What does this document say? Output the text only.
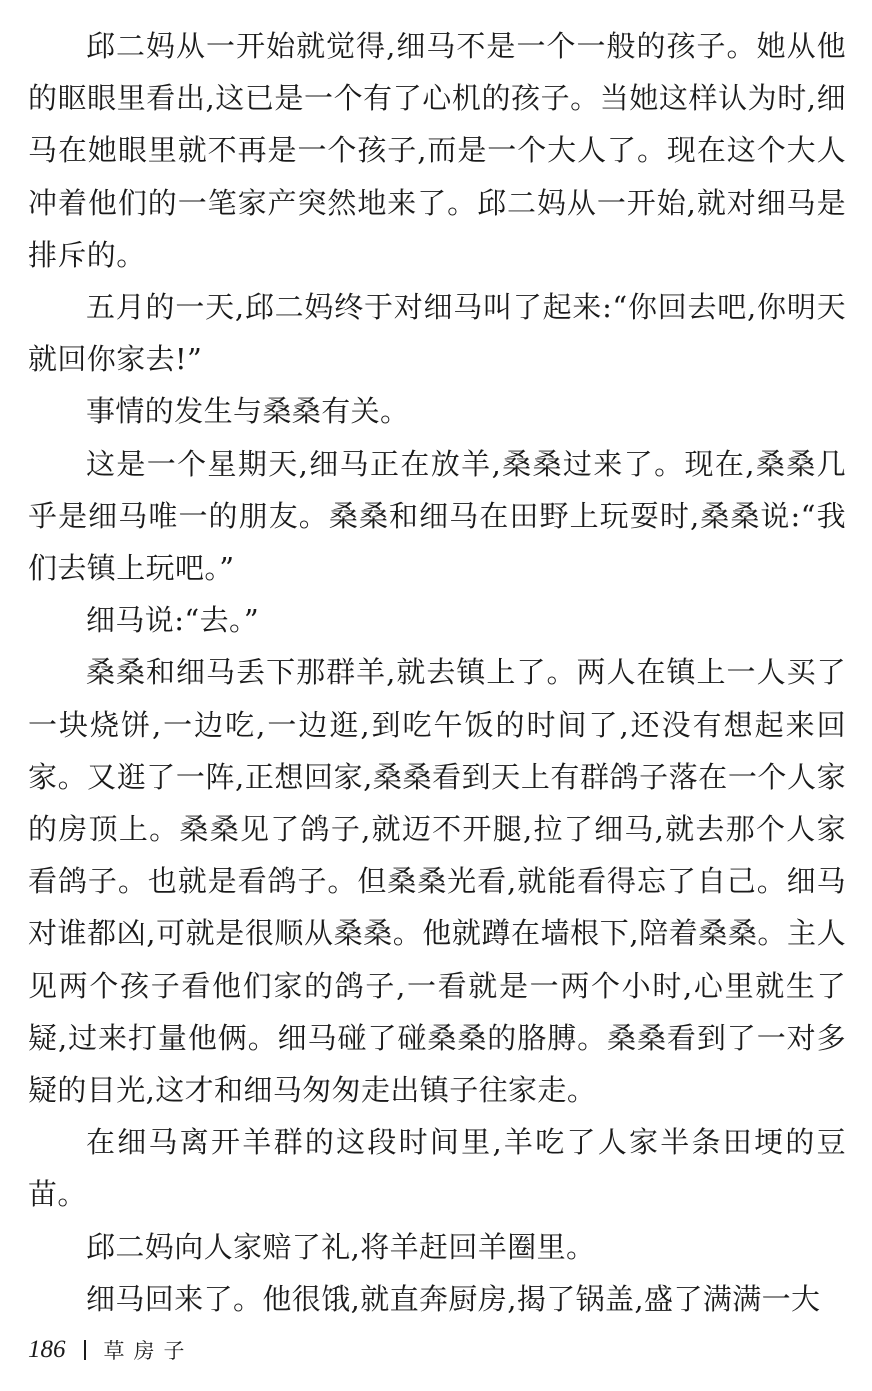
邱二妈从一开始就觉得,细马不是一个一般的孩子。她从他的眍眼里看出,这已是一个有了心机的孩子。当她这样认为时,细马在她眼里就不再是一个孩子,而是一个大人了。现在这个大人冲着他们的一笔家产突然地来了。邱二妈从一开始,就对细马是排斥的。

五月的一天,邱二妈终于对细马叫了起来:“你回去吧,你明天就回你家去!”

事情的发生与桑桑有关。

这是一个星期天,细马正在放羊,桑桑过来了。现在,桑桑几乎是细马唯一的朋友。桑桑和细马在田野上玩耍时,桑桑说:“我们去镇上玩吧。”

细马说:“去。”

桑桑和细马丢下那群羊,就去镇上了。两人在镇上一人买了一块烧饼,一边吃,一边逛,到吃午饭的时间了,还没有想起来回家。又逛了一阵,正想回家,桑桑看到天上有群鸽子落在一个人家的房顶上。桑桑见了鸽子,就迈不开腿,拉了细马,就去那个人家看鸽子。也就是看鸽子。但桑桑光看,就能看得忘了自己。细马对谁都凶,可就是很顺从桑桑。他就蹲在墙根下,陪着桑桑。主人见两个孩子看他们家的鸽子,一看就是一两个小时,心里就生了疑,过来打量他俩。细马碰了碰桑桑的胳膊。桑桑看到了一对多疑的目光,这才和细马匆匆走出镇子往家走。

在细马离开羊群的这段时间里,羊吃了人家半条田埂的豆苗。

邱二妈向人家赔了礼,将羊赶回羊圈里。

细马回来了。他很饿,就直奔厨房,揭了锅盖,盛了满满一大

186 草房子
